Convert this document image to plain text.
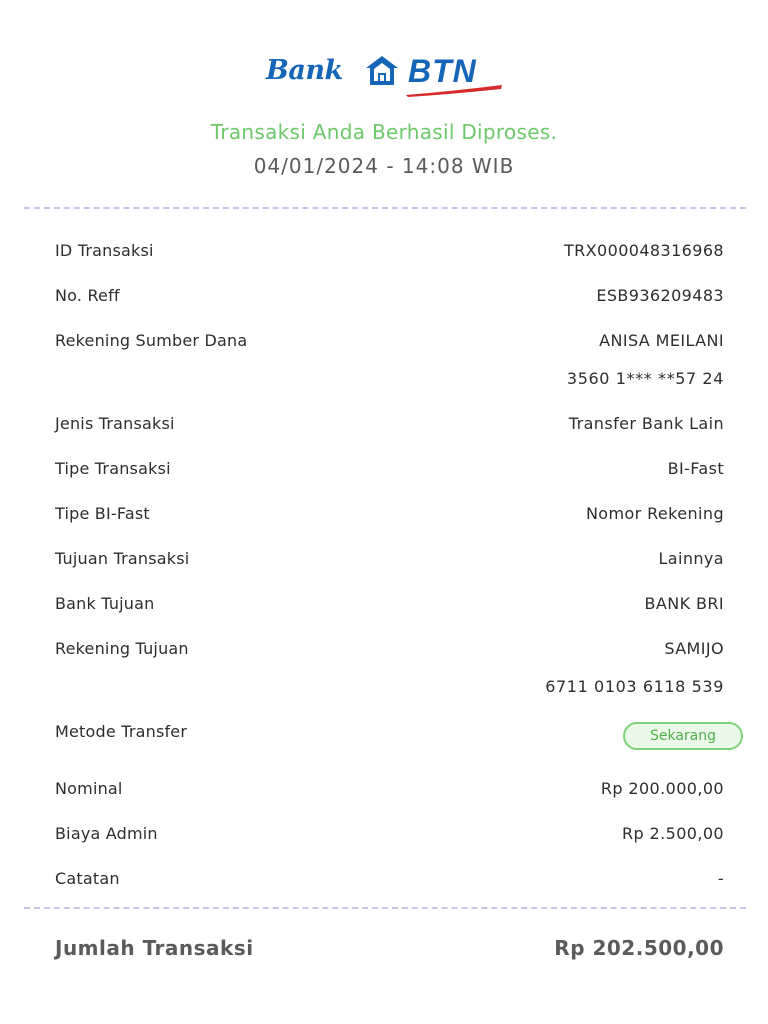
Bank BTN
Transaksi Anda Berhasil Diproses.
04/01/2024 - 14:08 WIB
ID Transaksi	TRX000048316968
No. Reff	ESB936209483
Rekening Sumber Dana	ANISA MEILANI
3560 1*** **57 24
Jenis Transaksi	Transfer Bank Lain
Tipe Transaksi	BI-Fast
Tipe BI-Fast	Nomor Rekening
Tujuan Transaksi	Lainnya
Bank Tujuan	BANK BRI
Rekening Tujuan	SAMIJO
6711 0103 6118 539
Metode Transfer	Sekarang
Nominal	Rp 200.000,00
Biaya Admin	Rp 2.500,00
Catatan	-
Jumlah Transaksi	Rp 202.500,00
